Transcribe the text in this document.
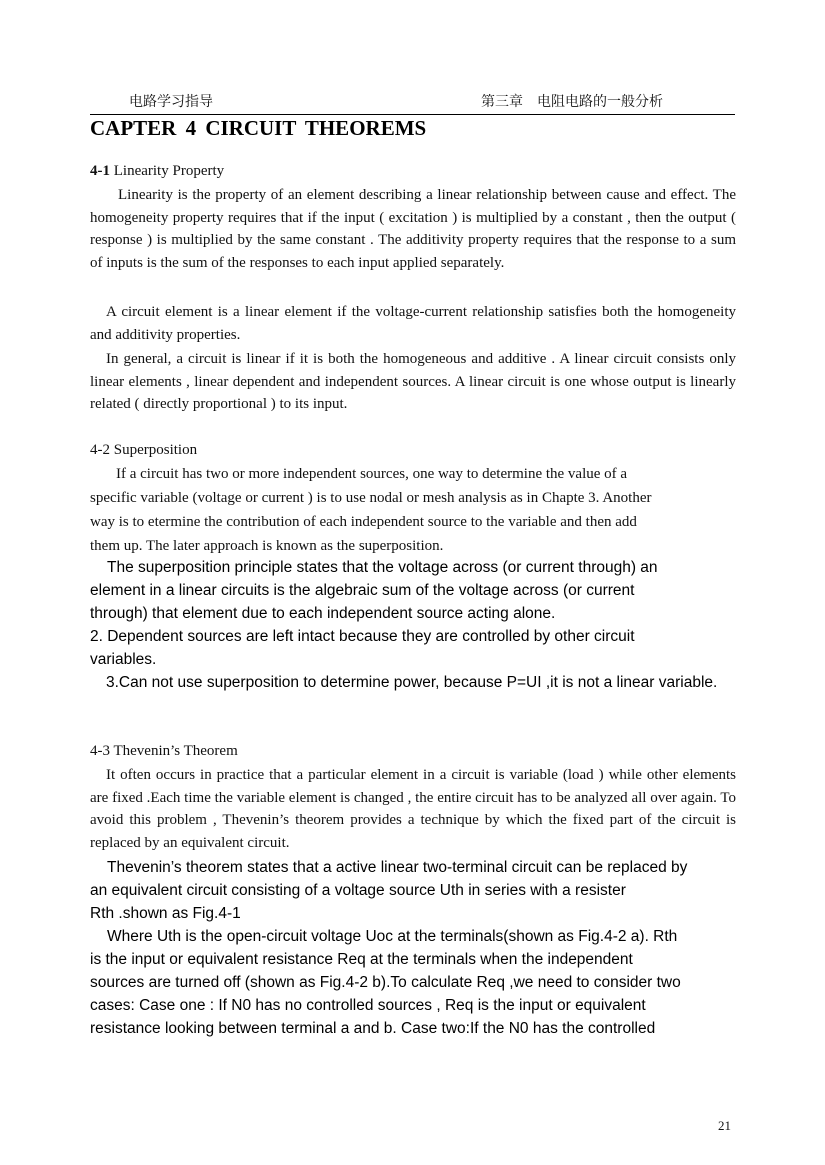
电路学习指导	第三章　电阻电路的一般分析
CAPTER 4 CIRCUIT THEOREMS
4-1 Linearity Property

Linearity is the property of an element describing a linear relationship between cause and effect. The homogeneity property requires that if the input ( excitation ) is multiplied by a constant , then the output ( response ) is multiplied by the same constant . The additivity property requires that the response to a sum of inputs is the sum of the responses to each input applied separately.

A circuit element is a linear element if the voltage-current relationship satisfies both the homogeneity and additivity properties.

In general, a circuit is linear if it is both the homogeneous and additive . A linear circuit consists only linear elements , linear dependent and independent sources. A linear circuit is one whose output is linearly related ( directly proportional ) to its input.

4-2 Superposition
If a circuit has two or more independent sources, one way to determine the value of a
specific variable (voltage or current ) is to use nodal or mesh analysis as in Chapte 3. Another
way is to etermine the contribution of each independent source to the variable and then add
them up. The later approach is known as the superposition.
The superposition principle states that the voltage across (or current through) an
element in a linear circuits is the algebraic sum of the voltage across (or current
through) that element due to each independent source acting alone.
2. Dependent sources are left intact because they are controlled by other circuit
variables.

3.Can not use superposition to determine power, because P=UI ,it is not a linear variable.

4-3 Thevenin’s Theorem

It often occurs in practice that a particular element in a circuit is variable (load ) while other elements are fixed .Each time the variable element is changed , the entire circuit has to be analyzed all over again. To avoid this problem , Thevenin’s theorem provides a technique by which the fixed part of the circuit is replaced by an equivalent circuit.

Thevenin’s theorem states that a active linear two-terminal circuit can be replaced by
an equivalent circuit consisting of a voltage source Uth in series with a resister
Rth .shown as Fig.4-1
Where Uth is the open-circuit voltage Uoc at the terminals(shown as Fig.4-2 a). Rth
is the input or equivalent resistance Req at the terminals when the independent
sources are turned off (shown as Fig.4-2 b).To calculate Req ,we need to consider two
cases: Case one : If N0 has no controlled sources , Req is the input or equivalent
resistance looking between terminal a and b. Case two:If the N0 has the controlled
21
